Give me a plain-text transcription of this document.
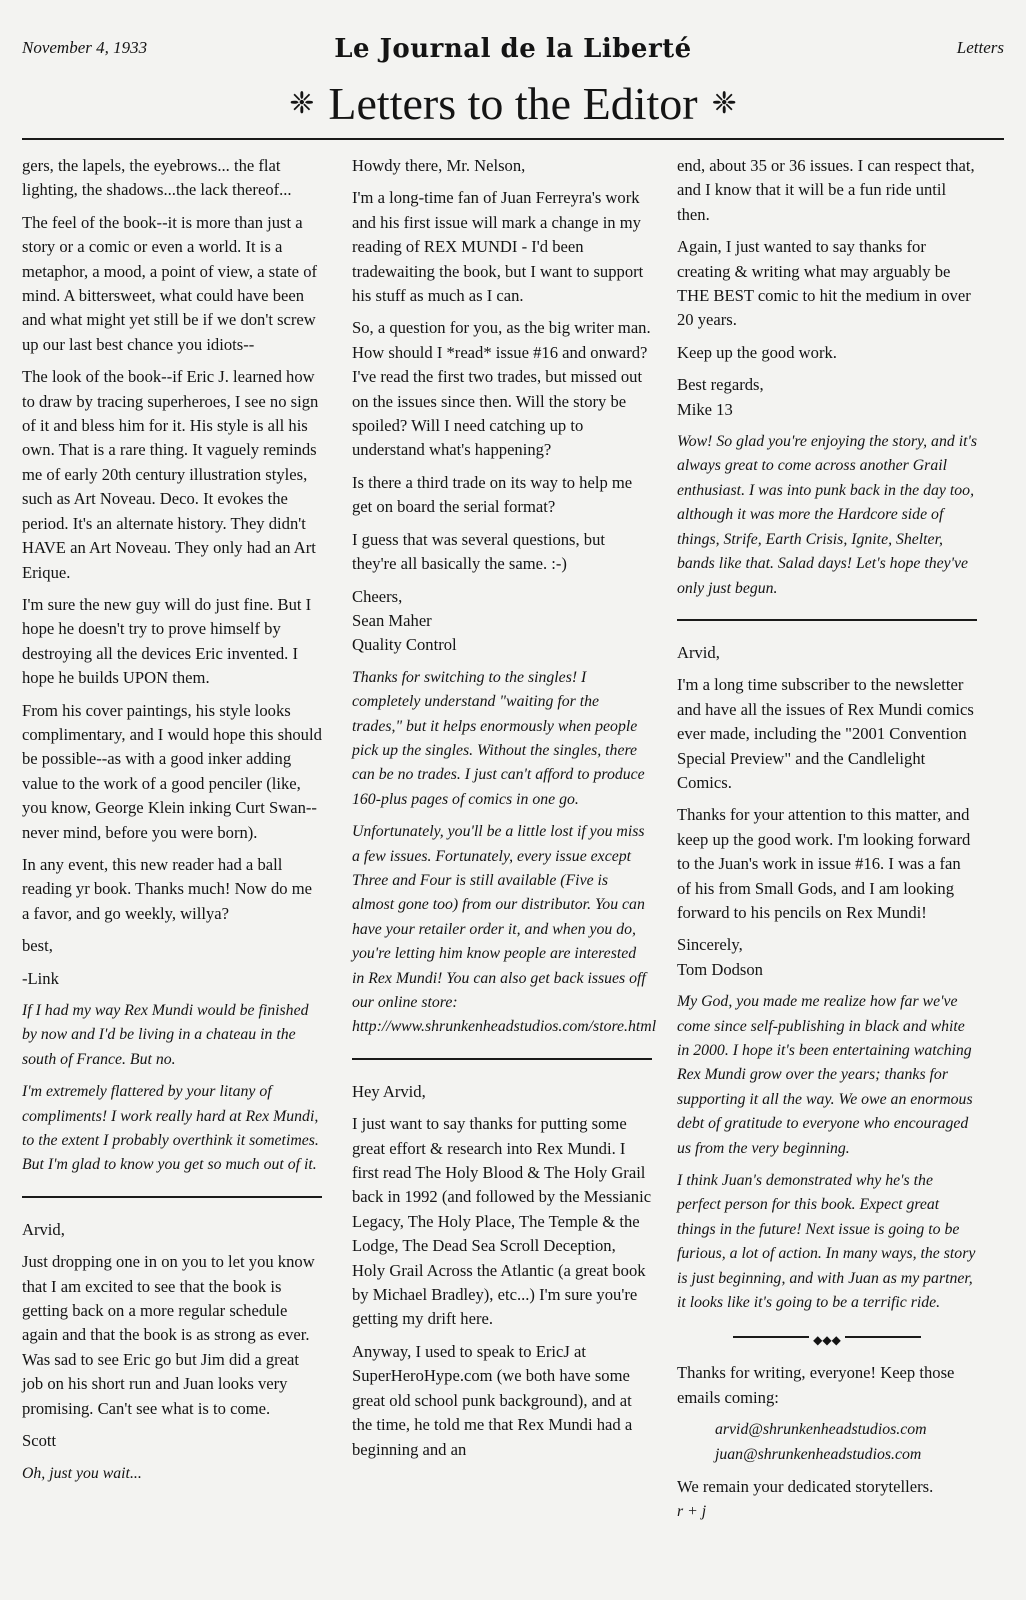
November 4, 1933	Le Journal de la Liberté	Letters
❈ Letters to the Editor ❈

gers, the lapels, the eyebrows... the flat lighting, the shadows...the lack thereof...

The feel of the book--it is more than just a story or a comic or even a world. It is a metaphor, a mood, a point of view, a state of mind. A bittersweet, what could have been and what might yet still be if we don't screw up our last best chance you idiots--

The look of the book--if Eric J. learned how to draw by tracing superheroes, I see no sign of it and bless him for it. His style is all his own. That is a rare thing. It vaguely reminds me of early 20th century illustration styles, such as Art Noveau. Deco. It evokes the period. It's an alternate history. They didn't HAVE an Art Noveau. They only had an Art Erique.

I'm sure the new guy will do just fine. But I hope he doesn't try to prove himself by destroying all the devices Eric invented. I hope he builds UPON them.

From his cover paintings, his style looks complimentary, and I would hope this should be possible--as with a good inker adding value to the work of a good penciler (like, you know, George Klein inking Curt Swan--never mind, before you were born).

In any event, this new reader had a ball reading yr book. Thanks much! Now do me a favor, and go weekly, willya?

best,

-Link

If I had my way Rex Mundi would be finished by now and I'd be living in a chateau in the south of France. But no.

I'm extremely flattered by your litany of compliments! I work really hard at Rex Mundi, to the extent I probably overthink it sometimes. But I'm glad to know you get so much out of it.

Arvid,

Just dropping one in on you to let you know that I am excited to see that the book is getting back on a more regular schedule again and that the book is as strong as ever. Was sad to see Eric go but Jim did a great job on his short run and Juan looks very promising. Can't see what is to come.

Scott

Oh, just you wait...

Howdy there, Mr. Nelson,

I'm a long-time fan of Juan Ferreyra's work and his first issue will mark a change in my reading of REX MUNDI - I'd been tradewaiting the book, but I want to support his stuff as much as I can.

So, a question for you, as the big writer man. How should I *read* issue #16 and onward? I've read the first two trades, but missed out on the issues since then. Will the story be spoiled? Will I need catching up to understand what's happening?

Is there a third trade on its way to help me get on board the serial format?

I guess that was several questions, but they're all basically the same. :-)

Cheers,

Sean Maher

Quality Control

Thanks for switching to the singles! I completely understand "waiting for the trades," but it helps enormously when people pick up the singles. Without the singles, there can be no trades. I just can't afford to produce 160-plus pages of comics in one go.

Unfortunately, you'll be a little lost if you miss a few issues. Fortunately, every issue except Three and Four is still available (Five is almost gone too) from our distributor. You can have your retailer order it, and when you do, you're letting him know people are interested in Rex Mundi! You can also get back issues off our online store:

http://www.shrunkenheadstudios.com/store.html

Hey Arvid,

I just want to say thanks for putting some great effort & research into Rex Mundi. I first read The Holy Blood & The Holy Grail back in 1992 (and followed by the Messianic Legacy, The Holy Place, The Temple & the Lodge, The Dead Sea Scroll Deception, Holy Grail Across the Atlantic (a great book by Michael Bradley), etc...) I'm sure you're getting my drift here.

Anyway, I used to speak to EricJ at SuperHeroHype.com (we both have some great old school punk background), and at the time, he told me that Rex Mundi had a beginning and an

end, about 35 or 36 issues. I can respect that, and I know that it will be a fun ride until then.

Again, I just wanted to say thanks for creating & writing what may arguably be THE BEST comic to hit the medium in over 20 years.

Keep up the good work.

Best regards,

Mike 13

Wow! So glad you're enjoying the story, and it's always great to come across another Grail enthusiast. I was into punk back in the day too, although it was more the Hardcore side of things, Strife, Earth Crisis, Ignite, Shelter, bands like that. Salad days! Let's hope they've only just begun.

Arvid,

I'm a long time subscriber to the newsletter and have all the issues of Rex Mundi comics ever made, including the "2001 Convention Special Preview" and the Candlelight Comics.

Thanks for your attention to this matter, and keep up the good work. I'm looking forward to the Juan's work in issue #16. I was a fan of his from Small Gods, and I am looking forward to his pencils on Rex Mundi!

Sincerely,

Tom Dodson

My God, you made me realize how far we've come since self-publishing in black and white in 2000. I hope it's been entertaining watching Rex Mundi grow over the years; thanks for supporting it all the way. We owe an enormous debt of gratitude to everyone who encouraged us from the very beginning.

I think Juan's demonstrated why he's the perfect person for this book. Expect great things in the future! Next issue is going to be furious, a lot of action. In many ways, the story is just beginning, and with Juan as my partner, it looks like it's going to be a terrific ride.

◆◆◆

Thanks for writing, everyone! Keep those emails coming:

arvid@shrunkenheadstudios.com

juan@shrunkenheadstudios.com

We remain your dedicated storytellers.

r + j
